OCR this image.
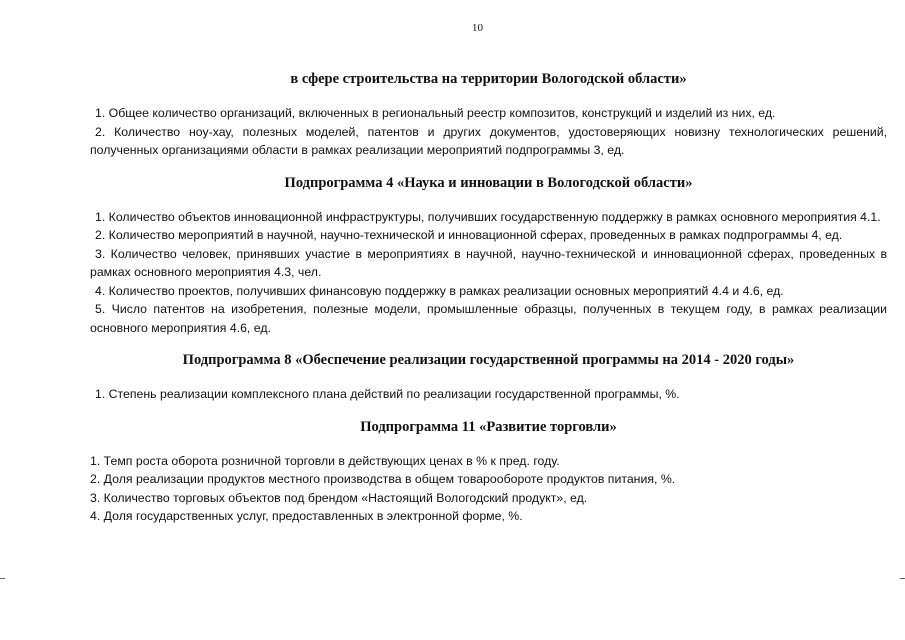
10

в сфере строительства на территории Вологодской области»

1. Общее количество организаций, включенных в региональный реестр композитов, конструкций и изделий из них, ед.

2. Количество ноу-хау, полезных моделей, патентов и других документов, удостоверяющих новизну технологических решений, полученных организациями области в рамках реализации мероприятий подпрограммы 3, ед.

Подпрограмма 4 «Наука и инновации в Вологодской области»

1. Количество объектов инновационной инфраструктуры, получивших государственную поддержку в рамках основного мероприятия 4.1.

2. Количество мероприятий в научной, научно-технической и инновационной сферах, проведенных в рамках подпрограммы 4, ед.

3. Количество человек, принявших участие в мероприятиях в научной, научно-технической и инновационной сферах, проведенных в рамках основного мероприятия 4.3, чел.

4. Количество проектов, получивших финансовую поддержку в рамках реализации основных мероприятий 4.4 и 4.6, ед.

5. Число патентов на изобретения, полезные модели, промышленные образцы, полученных в текущем году, в рамках реализации основного мероприятия 4.6, ед.

Подпрограмма 8 «Обеспечение реализации государственной программы на 2014 - 2020 годы»

1. Степень реализации комплексного плана действий по реализации государственной программы, %.

Подпрограмма 11 «Развитие торговли»

1. Темп роста оборота розничной торговли в действующих ценах в % к пред. году.

2. Доля реализации продуктов местного производства в общем товарообороте продуктов питания, %.

3. Количество торговых объектов под брендом «Настоящий Вологодский продукт», ед.

4. Доля государственных услуг, предоставленных в электронной форме, %.
